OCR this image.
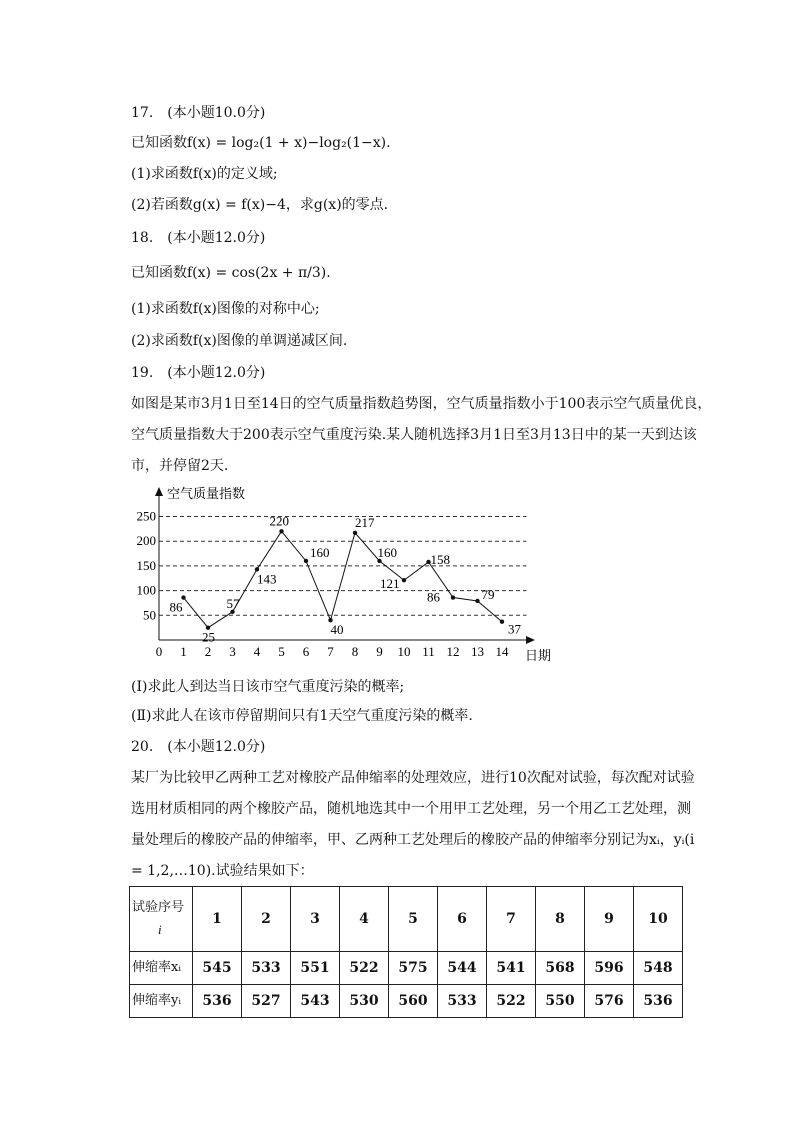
17.　(本小题10.0分)
已知函数f(x) = log₂(1 + x)−log₂(1−x).
(1)求函数f(x)的定义域;
(2)若函数g(x) = f(x)−4，求g(x)的零点.
18.　(本小题12.0分)
已知函数f(x) = cos(2x + π/3).
(1)求函数f(x)图像的对称中心;
(2)求函数f(x)图像的单调递减区间.
19.　(本小题12.0分)
如图是某市3月1日至14日的空气质量指数趋势图，空气质量指数小于100表示空气质量优良，
空气质量指数大于200表示空气重度污染.某人随机选择3月1日至3月13日中的某一天到达该
市，并停留2天.
空气质量指数
日期
50
100
150
200
250
0 1 2 3 4 5 6 7 8 9 10 11 12 13 14
86
25
57
143
220
160
40
217
160
121
158
86	79
37
(Ⅰ)求此人到达当日该市空气重度污染的概率;
(Ⅱ)求此人在该市停留期间只有1天空气重度污染的概率.
20.　(本小题12.0分)
某厂为比较甲乙两种工艺对橡胶产品伸缩率的处理效应，进行10次配对试验，每次配对试验
选用材质相同的两个橡胶产品，随机地选其中一个用甲工艺处理，另一个用乙工艺处理，测
量处理后的橡胶产品的伸缩率，甲、乙两种工艺处理后的橡胶产品的伸缩率分别记为xᵢ，yᵢ(i
= 1,2,…10).试验结果如下：
试验序号
i	1	2	3	4	5	6	7	8	9	10
伸缩率xᵢ	545	533	551	522	575	544	541	568	596	548
伸缩率yᵢ	536	527	543	530	560	533	522	550	576	536
